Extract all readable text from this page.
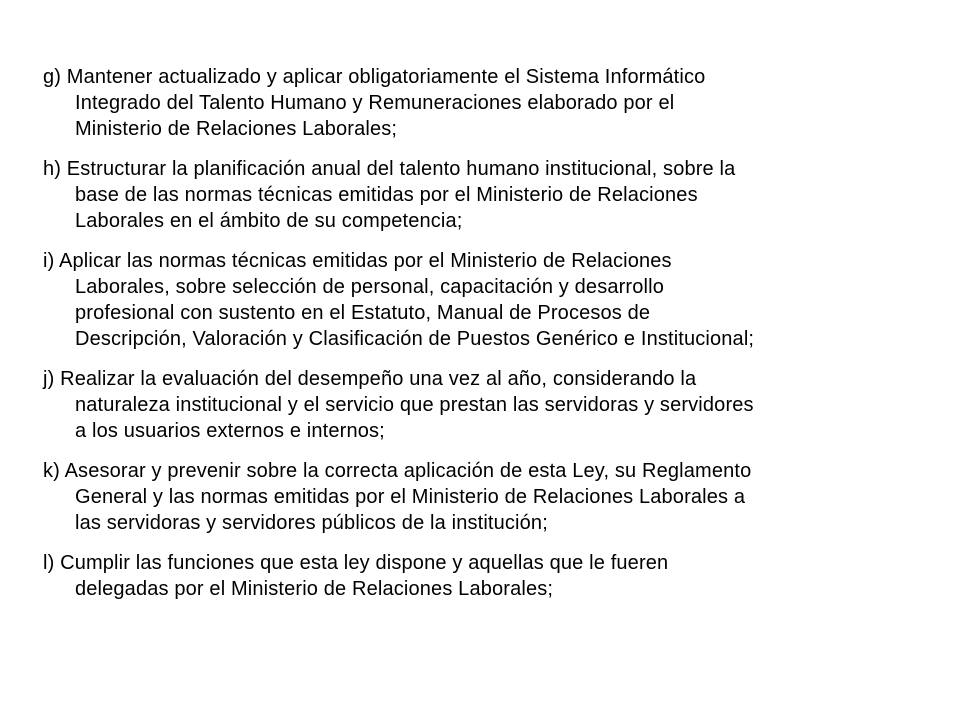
g) Mantener actualizado y aplicar obligatoriamente el Sistema Informático
Integrado del Talento Humano y Remuneraciones elaborado por el
Ministerio de Relaciones Laborales;

h) Estructurar la planificación anual del talento humano institucional, sobre la
base de las normas técnicas emitidas por el Ministerio de Relaciones
Laborales en el ámbito de su competencia;

i) Aplicar las normas técnicas emitidas por el Ministerio de Relaciones
Laborales, sobre selección de personal, capacitación y desarrollo
profesional con sustento en el Estatuto, Manual de Procesos de
Descripción, Valoración y Clasificación de Puestos Genérico e Institucional;

j) Realizar la evaluación del desempeño una vez al año, considerando la
naturaleza institucional y el servicio que prestan las servidoras y servidores
a los usuarios externos e internos;

k) Asesorar y prevenir sobre la correcta aplicación de esta Ley, su Reglamento
General y las normas emitidas por el Ministerio de Relaciones Laborales a
las servidoras y servidores públicos de la institución;

l) Cumplir las funciones que esta ley dispone y aquellas que le fueren
delegadas por el Ministerio de Relaciones Laborales;
